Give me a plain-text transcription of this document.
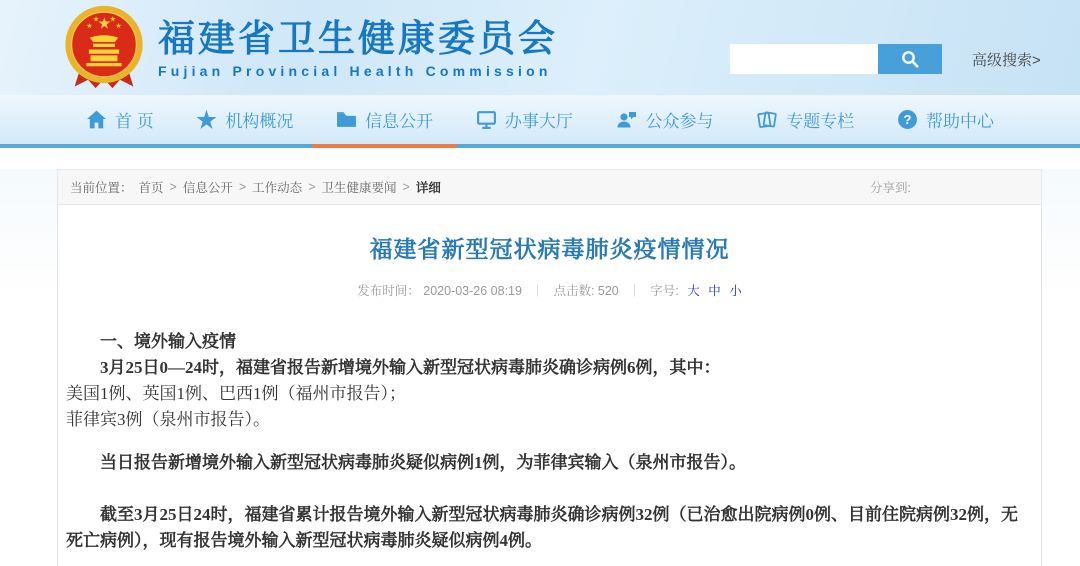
福建省卫生健康委员会
Fujian Provincial Health Commission
高级搜索>
首 页	机构概况	信息公开	办事大厅	公众参与	专题专栏	? 帮助中心
当前位置： 首页 > 信息公开 > 工作动态 > 卫生健康要闻 > 详细	分享到:
福建省新型冠状病毒肺炎疫情情况
发布时间： 2020-03-26 08:19 ｜ 点击数: 520 ｜ 字号: 大 中 小

一、境外输入疫情

3月25日0—24时，福建省报告新增境外输入新型冠状病毒肺炎确诊病例6例，其中：

美国1例、英国1例、巴西1例（福州市报告）；

菲律宾3例（泉州市报告）。

当日报告新增境外输入新型冠状病毒肺炎疑似病例1例，为菲律宾输入（泉州市报告）。

截至3月25日24时，福建省累计报告境外输入新型冠状病毒肺炎确诊病例32例（已治愈出院病例0例、目前住院病例32例，无死亡病例），现有报告境外输入新型冠状病毒肺炎疑似病例4例。
